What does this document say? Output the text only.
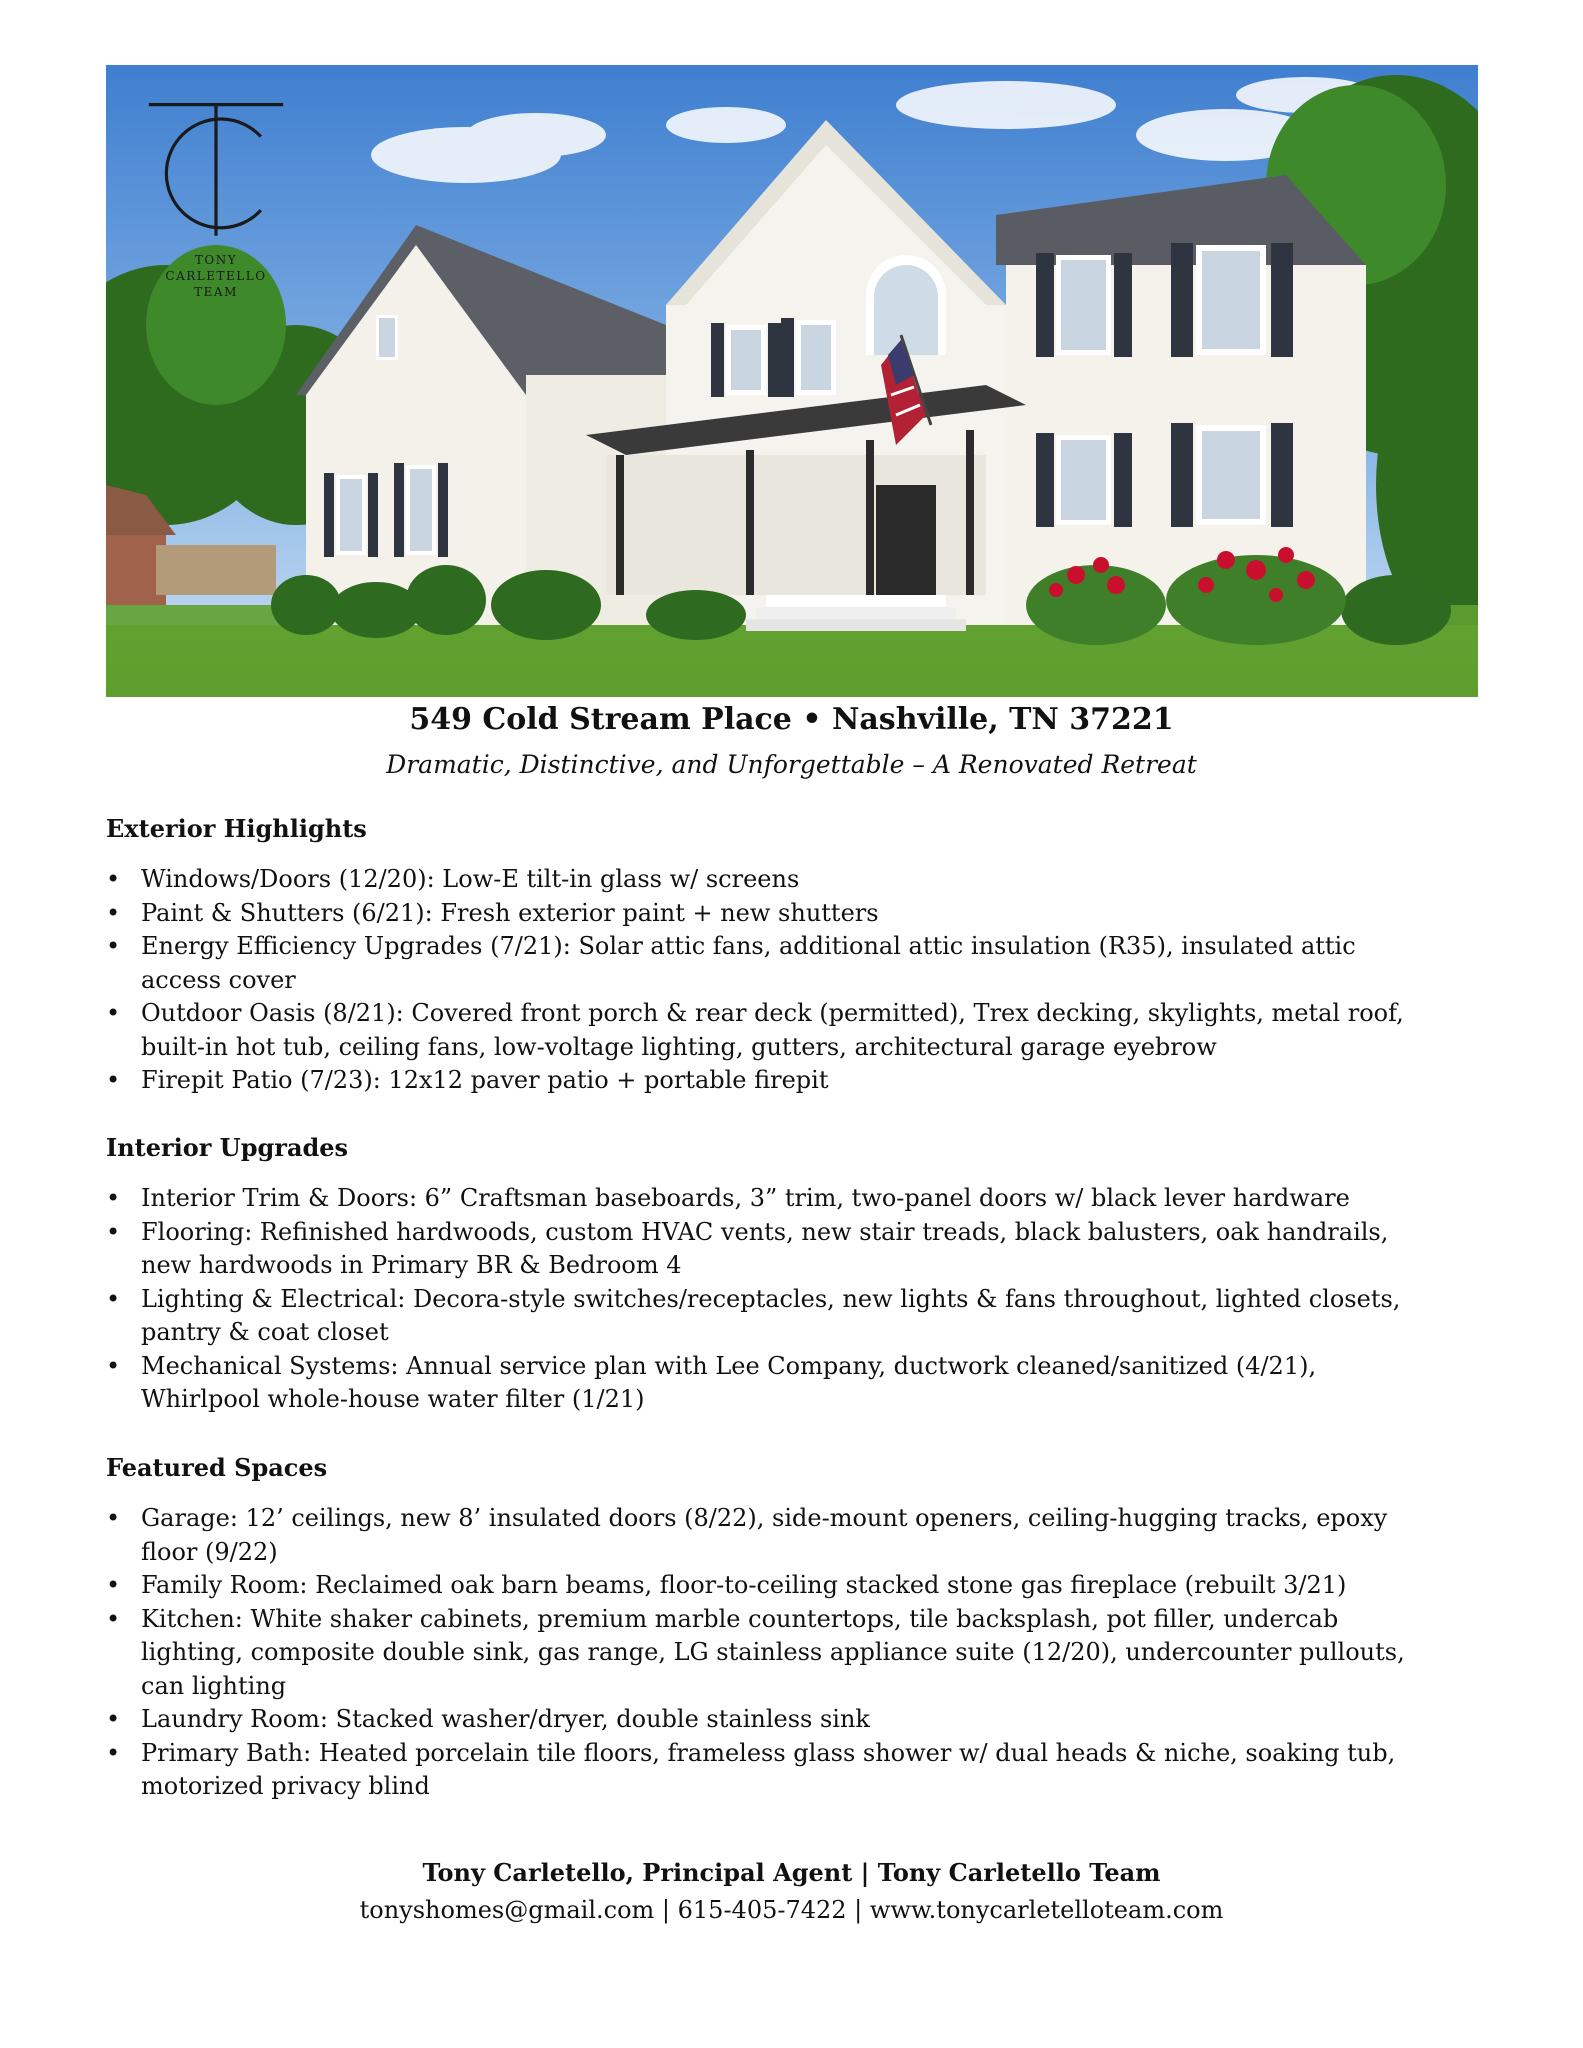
TONY
CARLETELLO
TEAM
549 Cold Stream Place • Nashville, TN 37221
Dramatic, Distinctive, and Unforgettable – A Renovated Retreat
Exterior Highlights
• Windows/Doors (12/20): Low-E tilt-in glass w/ screens
• Paint & Shutters (6/21): Fresh exterior paint + new shutters
• Energy Efficiency Upgrades (7/21): Solar attic fans, additional attic insulation (R35), insulated attic access cover
• Outdoor Oasis (8/21): Covered front porch & rear deck (permitted), Trex decking, skylights, metal roof, built-in hot tub, ceiling fans, low-voltage lighting, gutters, architectural garage eyebrow
• Firepit Patio (7/23): 12x12 paver patio + portable firepit
Interior Upgrades
• Interior Trim & Doors: 6” Craftsman baseboards, 3” trim, two-panel doors w/ black lever hardware
• Flooring: Refinished hardwoods, custom HVAC vents, new stair treads, black balusters, oak handrails, new hardwoods in Primary BR & Bedroom 4
• Lighting & Electrical: Decora-style switches/receptacles, new lights & fans throughout, lighted closets, pantry & coat closet
• Mechanical Systems: Annual service plan with Lee Company, ductwork cleaned/sanitized (4/21), Whirlpool whole-house water filter (1/21)
Featured Spaces
• Garage: 12’ ceilings, new 8’ insulated doors (8/22), side-mount openers, ceiling-hugging tracks, epoxy floor (9/22)
• Family Room: Reclaimed oak barn beams, floor-to-ceiling stacked stone gas fireplace (rebuilt 3/21)
• Kitchen: White shaker cabinets, premium marble countertops, tile backsplash, pot filler, undercab lighting, composite double sink, gas range, LG stainless appliance suite (12/20), undercounter pullouts, can lighting
• Laundry Room: Stacked washer/dryer, double stainless sink
• Primary Bath: Heated porcelain tile floors, frameless glass shower w/ dual heads & niche, soaking tub, motorized privacy blind
Tony Carletello, Principal Agent | Tony Carletello Team
tonyshomes@gmail.com | 615-405-7422 | www.tonycarletelloteam.com
